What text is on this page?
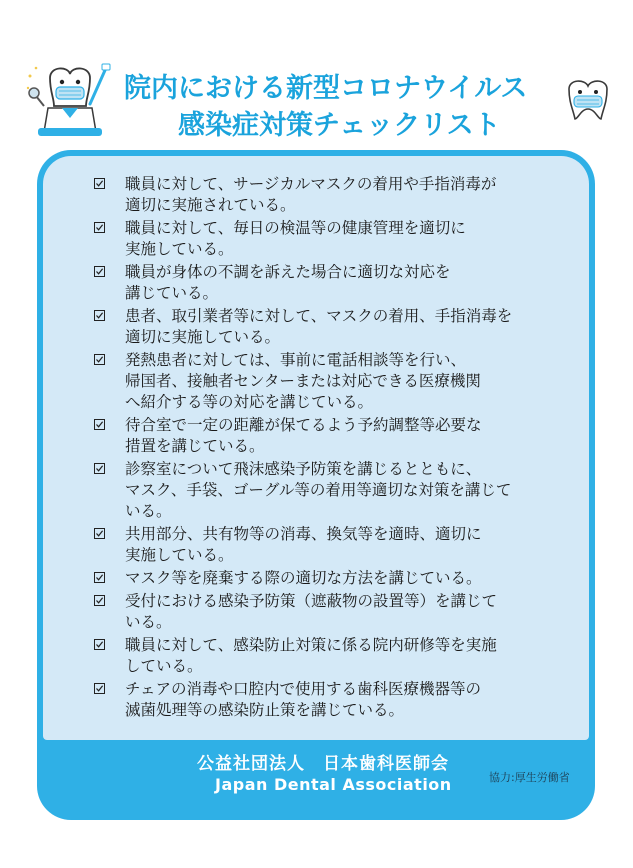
院内における新型コロナウイルス
感染症対策チェックリスト
職員に対して、サージカルマスクの着用や手指消毒が
適切に実施されている。
職員に対して、毎日の検温等の健康管理を適切に
実施している。
職員が身体の不調を訴えた場合に適切な対応を
講じている。
患者、取引業者等に対して、マスクの着用、手指消毒を
適切に実施している。
発熱患者に対しては、事前に電話相談等を行い、
帰国者、接触者センターまたは対応できる医療機関
へ紹介する等の対応を講じている。
待合室で一定の距離が保てるよう予約調整等必要な
措置を講じている。
診察室について飛沫感染予防策を講じるとともに、
マスク、手袋、ゴーグル等の着用等適切な対策を講じて
いる。
共用部分、共有物等の消毒、換気等を適時、適切に
実施している。
マスク等を廃棄する際の適切な方法を講じている。
受付における感染予防策（遮蔽物の設置等）を講じて
いる。
職員に対して、感染防止対策に係る院内研修等を実施
している。
チェアの消毒や口腔内で使用する歯科医療機器等の
滅菌処理等の感染防止策を講じている。
公益社団法人　日本歯科医師会
Japan Dental Association	協力:厚生労働省
